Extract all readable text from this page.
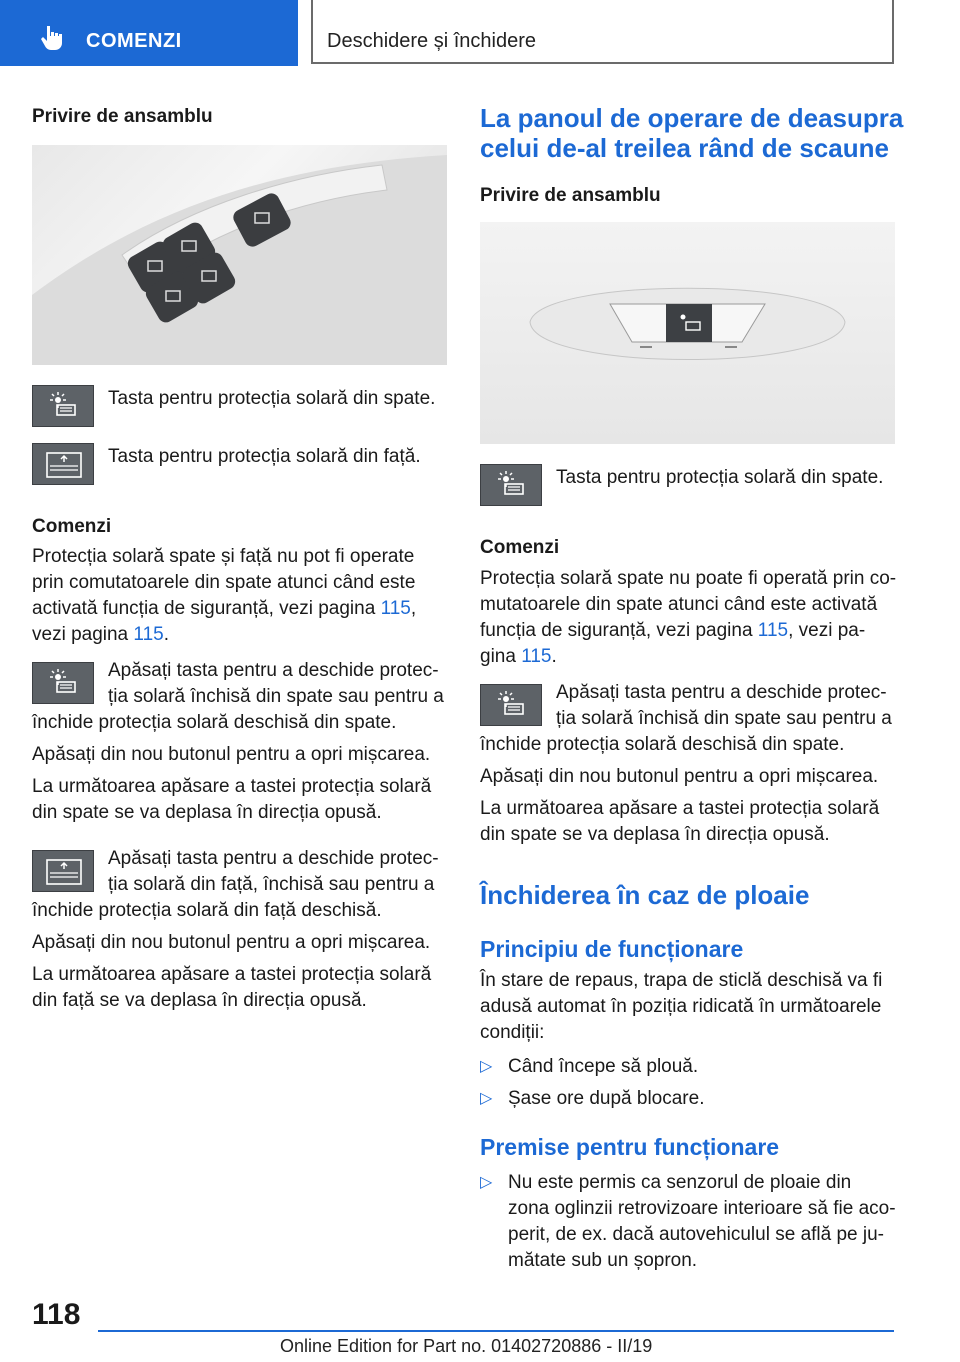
COMENZI	Deschidere și închidere
Privire de ansamblu
Tasta pentru protecția solară din spate.
Tasta pentru protecția solară din față.
Comenzi

Protecția solară spate și față nu pot fi operate

prin comutatoarele din spate atunci când este

activată funcția de siguranță, vezi pagina 115,

vezi pagina 115.

Apăsați tasta pentru a deschide protec-

ția solară închisă din spate sau pentru a

închide protecția solară deschisă din spate.

Apăsați din nou butonul pentru a opri mișcarea.

La următoarea apăsare a tastei protecția solară

din spate se va deplasa în direcția opusă.

Apăsați tasta pentru a deschide protec-

ția solară din față, închisă sau pentru a

închide protecția solară din față deschisă.

Apăsați din nou butonul pentru a opri mișcarea.

La următoarea apăsare a tastei protecția solară

din față se va deplasa în direcția opusă.

La panoul de operare de deasupra

celui de-al treilea rând de scaune

Privire de ansamblu
Tasta pentru protecția solară din spate.
Comenzi

Protecția solară spate nu poate fi operată prin co-

mutatoarele din spate atunci când este activată

funcția de siguranță, vezi pagina 115, vezi pa-

gina 115.

Apăsați tasta pentru a deschide protec-

ția solară închisă din spate sau pentru a

închide protecția solară deschisă din spate.

Apăsați din nou butonul pentru a opri mișcarea.

La următoarea apăsare a tastei protecția solară

din spate se va deplasa în direcția opusă.

Închiderea în caz de ploaie
Principiu de funcționare

În stare de repaus, trapa de sticlă deschisă va fi

adusă automat în poziția ridicată în următoarele

condiții:

▷ Când începe să plouă.
▷ Șase ore după blocare.
Premise pentru funcționare
▷ Nu este permis ca senzorul de ploaie din

zona oglinzii retrovizoare interioare să fie aco-

perit, de ex. dacă autovehiculul se află pe ju-

mătate sub un șopron.

118
Online Edition for Part no. 01402720886 - II/19
